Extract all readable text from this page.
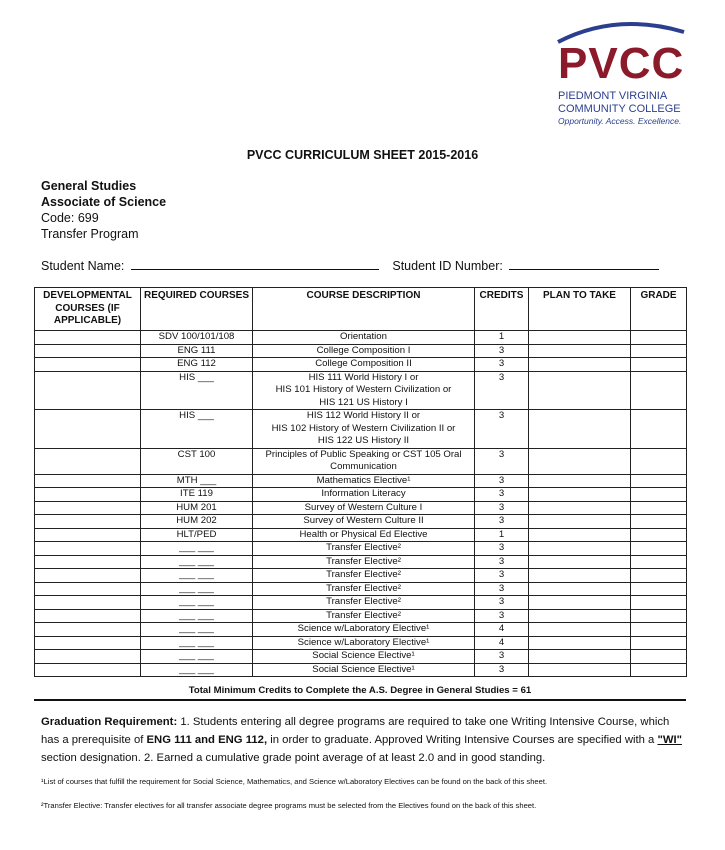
PVCC
PIEDMONT VIRGINIA
COMMUNITY COLLEGE
Opportunity. Access. Excellence.
PVCC CURRICULUM SHEET 2015-2016
General Studies
Associate of Science
Code: 699
Transfer Program
Student Name:	Student ID Number:
DEVELOPMENTAL COURSES (IF APPLICABLE)	REQUIRED COURSES	COURSE DESCRIPTION	CREDITS	PLAN TO TAKE	GRADE
	SDV 100/101/108	Orientation	1		
	ENG 111	College Composition I	3		
	ENG 112	College Composition II	3		
	HIS ___	HIS 111 World History I or
HIS 101 History of Western Civilization or
HIS 121 US History I	3		
	HIS ___	HIS 112 World History II or
HIS 102 History of Western Civilization II or
HIS 122 US History II	3		
	CST 100	Principles of Public Speaking or CST 105 Oral
Communication	3		
	MTH ___	Mathematics Elective¹	3		
	ITE 119	Information Literacy	3		
	HUM 201	Survey of Western Culture I	3		
	HUM 202	Survey of Western Culture II	3		
	HLT/PED	Health or Physical Ed Elective	1		
	___ ___	Transfer Elective²	3		
	___ ___	Transfer Elective²	3		
	___ ___	Transfer Elective²	3		
	___ ___	Transfer Elective²	3		
	___ ___	Transfer Elective²	3		
	___ ___	Transfer Elective²	3		
	___ ___	Science w/Laboratory Elective¹	4		
	___ ___	Science w/Laboratory Elective¹	4		
	___ ___	Social Science Elective¹	3		
	___ ___	Social Science Elective¹	3		
Total Minimum Credits to Complete the A.S. Degree in General Studies = 61
Graduation Requirement: 1. Students entering all degree programs are required to take one Writing Intensive Course, which has a prerequisite of ENG 111 and ENG 112, in order to graduate. Approved Writing Intensive Courses are specified with a "WI" section designation. 2. Earned a cumulative grade point average of at least 2.0 and in good standing.
¹List of courses that fulfill the requirement for Social Science, Mathematics, and Science w/Laboratory Electives can be found on the back of this sheet.
²Transfer Elective: Transfer electives for all transfer associate degree programs must be selected from the Electives found on the back of this sheet.
